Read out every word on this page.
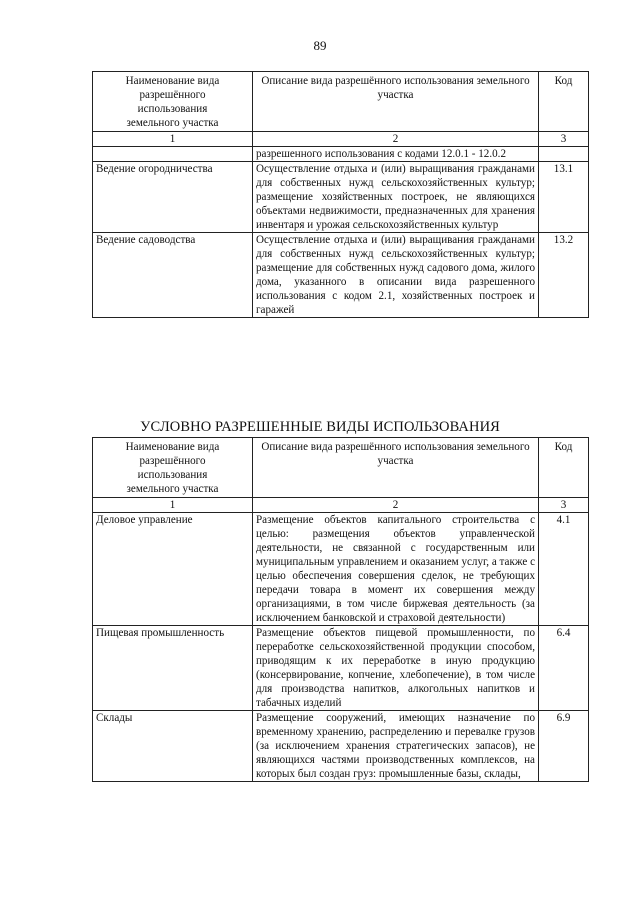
89
Наименование вида разрешённого использования земельного участка	Описание вида разрешённого использования земельного участка	Код
1	2	3
	разрешенного использования с кодами 12.0.1 - 12.0.2	
Ведение огородничества	Осуществление отдыха и (или) выращивания гражданами для собственных нужд сельскохозяйственных культур; размещение хозяйственных построек, не являющихся объектами недвижимости, предназначенных для хранения инвентаря и урожая сельскохозяйственных культур	13.1
Ведение садоводства	Осуществление отдыха и (или) выращивания гражданами для собственных нужд сельскохозяйственных культур; размещение для собственных нужд садового дома, жилого дома, указанного в описании вида разрешенного использования с кодом 2.1, хозяйственных построек и гаражей	13.2
УСЛОВНО РАЗРЕШЕННЫЕ ВИДЫ ИСПОЛЬЗОВАНИЯ
Наименование вида разрешённого использования земельного участка	Описание вида разрешённого использования земельного участка	Код
1	2	3
Деловое управление	Размещение объектов капитального строительства с целью: размещения объектов управленческой деятельности, не связанной с государственным или муниципальным управлением и оказанием услуг, а также с целью обеспечения совершения сделок, не требующих передачи товара в момент их совершения между организациями, в том числе биржевая деятельность (за исключением банковской и страховой деятельности)	4.1
Пищевая промышленность	Размещение объектов пищевой промышленности, по переработке сельскохозяйственной продукции способом, приводящим к их переработке в иную продукцию (консервирование, копчение, хлебопечение), в том числе для производства напитков, алкогольных напитков и табачных изделий	6.4
Склады	Размещение сооружений, имеющих назначение по временному хранению, распределению и перевалке грузов (за исключением хранения стратегических запасов), не являющихся частями производственных комплексов, на которых был создан груз: промышленные базы, склады,	6.9
